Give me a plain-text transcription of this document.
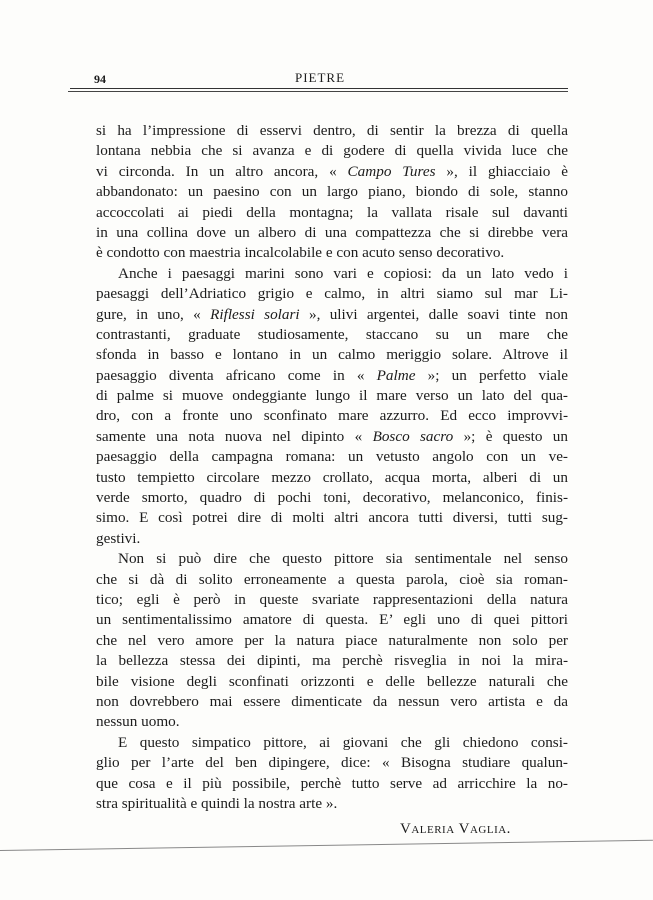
94	PIETRE
si ha l’impressione di esservi dentro, di sentir la brezza di quella
lontana nebbia che si avanza e di godere di quella vivida luce che
vi circonda. In un altro ancora, « Campo Tures », il ghiacciaio è
abbandonato: un paesino con un largo piano, biondo di sole, stanno
accoccolati ai piedi della montagna; la vallata risale sul davanti
in una collina dove un albero di una compattezza che si direbbe vera
è condotto con maestria incalcolabile e con acuto senso decorativo.
Anche i paesaggi marini sono vari e copiosi: da un lato vedo i
paesaggi dell’Adriatico grigio e calmo, in altri siamo sul mar Li-
gure, in uno, « Riflessi solari », ulivi argentei, dalle soavi tinte non
contrastanti, graduate studiosamente, staccano su un mare che
sfonda in basso e lontano in un calmo meriggio solare. Altrove il
paesaggio diventa africano come in « Palme »; un perfetto viale
di palme si muove ondeggiante lungo il mare verso un lato del qua-
dro, con a fronte uno sconfinato mare azzurro. Ed ecco improvvi-
samente una nota nuova nel dipinto « Bosco sacro »; è questo un
paesaggio della campagna romana: un vetusto angolo con un ve-
tusto tempietto circolare mezzo crollato, acqua morta, alberi di un
verde smorto, quadro di pochi toni, decorativo, melanconico, finis-
simo. E così potrei dire di molti altri ancora tutti diversi, tutti sug-
gestivi.
Non si può dire che questo pittore sia sentimentale nel senso
che si dà di solito erroneamente a questa parola, cioè sia roman-
tico; egli è però in queste svariate rappresentazioni della natura
un sentimentalissimo amatore di questa. E’ egli uno di quei pittori
che nel vero amore per la natura piace naturalmente non solo per
la bellezza stessa dei dipinti, ma perchè risveglia in noi la mira-
bile visione degli sconfinati orizzonti e delle bellezze naturali che
non dovrebbero mai essere dimenticate da nessun vero artista e da
nessun uomo.
E questo simpatico pittore, ai giovani che gli chiedono consi-
glio per l’arte del ben dipingere, dice: « Bisogna studiare qualun-
que cosa e il più possibile, perchè tutto serve ad arricchire la no-
stra spiritualità e quindi la nostra arte ».
Valeria Vaglia.
